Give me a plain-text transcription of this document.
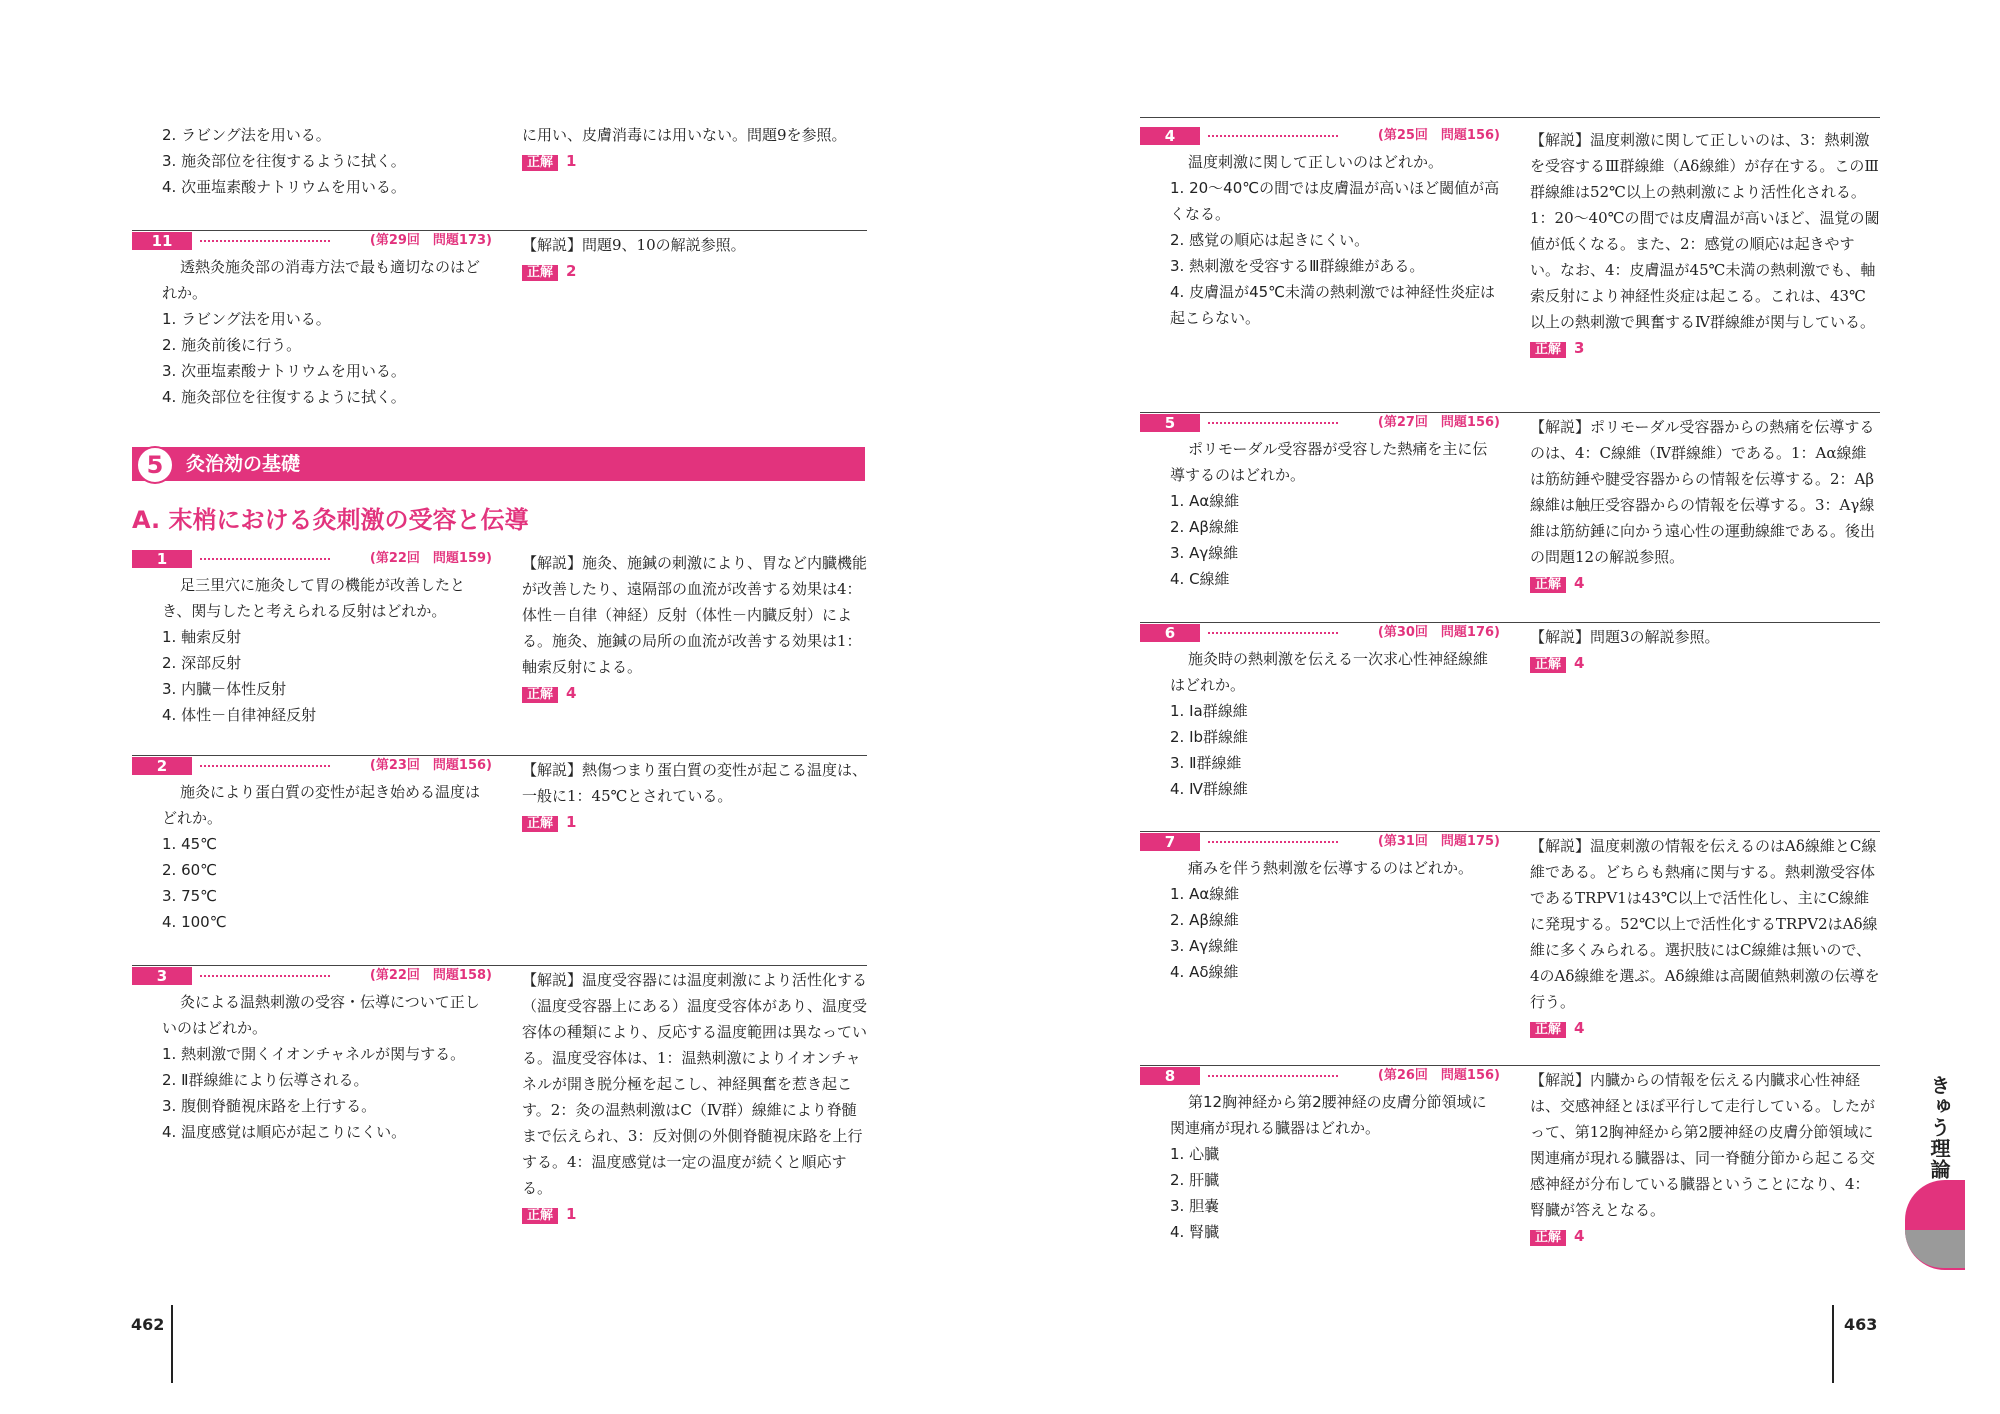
2. ラビング法を用いる。
3. 施灸部位を往復するように拭く。
4. 次亜塩素酸ナトリウムを用いる。
に用い、皮膚消毒には用いない。問題9を参照。
正解 1
11	(第29回　問題173)
透熱灸施灸部の消毒方法で最も適切なのはどれか。
1. ラビング法を用いる。
2. 施灸前後に行う。
3. 次亜塩素酸ナトリウムを用いる。
4. 施灸部位を往復するように拭く。
【解説】問題9、10の解説参照。
正解 2
5	灸治効の基礎
A. 末梢における灸刺激の受容と伝導
1	(第22回　問題159)
足三里穴に施灸して胃の機能が改善したとき、関与したと考えられる反射はどれか。
1. 軸索反射
2. 深部反射
3. 内臓－体性反射
4. 体性－自律神経反射
【解説】施灸、施鍼の刺激により、胃など内臓機能が改善したり、遠隔部の血流が改善する効果は4：体性－自律（神経）反射（体性－内臓反射）による。施灸、施鍼の局所の血流が改善する効果は1：軸索反射による。
正解 4
2	(第23回　問題156)
施灸により蛋白質の変性が起き始める温度はどれか。
1. 45℃
2. 60℃
3. 75℃
4. 100℃
【解説】熱傷つまり蛋白質の変性が起こる温度は、一般に1：45℃とされている。
正解 1
3	(第22回　問題158)
灸による温熱刺激の受容・伝導について正しいのはどれか。
1. 熱刺激で開くイオンチャネルが関与する。
2. Ⅱ群線維により伝導される。
3. 腹側脊髄視床路を上行する。
4. 温度感覚は順応が起こりにくい。
【解説】温度受容器には温度刺激により活性化する（温度受容器上にある）温度受容体があり、温度受容体の種類により、反応する温度範囲は異なっている。温度受容体は、1：温熱刺激によりイオンチャネルが開き脱分極を起こし、神経興奮を惹き起こす。2：灸の温熱刺激はC（Ⅳ群）線維により脊髄まで伝えられ、3：反対側の外側脊髄視床路を上行する。4：温度感覚は一定の温度が続くと順応する。
正解 1
462
4	(第25回　問題156)
温度刺激に関して正しいのはどれか。
1. 20〜40℃の間では皮膚温が高いほど閾値が高くなる。
2. 感覚の順応は起きにくい。
3. 熱刺激を受容するⅢ群線維がある。
4. 皮膚温が45℃未満の熱刺激では神経性炎症は起こらない。
【解説】温度刺激に関して正しいのは、3：熱刺激を受容するⅢ群線維（Aδ線維）が存在する。このⅢ群線維は52℃以上の熱刺激により活性化される。1：20〜40℃の間では皮膚温が高いほど、温覚の閾値が低くなる。また、2：感覚の順応は起きやすい。なお、4：皮膚温が45℃未満の熱刺激でも、軸索反射により神経性炎症は起こる。これは、43℃以上の熱刺激で興奮するⅣ群線維が関与している。
正解 3
5	(第27回　問題156)
ポリモーダル受容器が受容した熱痛を主に伝導するのはどれか。
1. Aα線維
2. Aβ線維
3. Aγ線維
4. C線維
【解説】ポリモーダル受容器からの熱痛を伝導するのは、4：C線維（Ⅳ群線維）である。1：Aα線維は筋紡錘や腱受容器からの情報を伝導する。2：Aβ線維は触圧受容器からの情報を伝導する。3：Aγ線維は筋紡錘に向かう遠心性の運動線維である。後出の問題12の解説参照。
正解 4
6	(第30回　問題176)
施灸時の熱刺激を伝える一次求心性神経線維はどれか。
1. Ⅰa群線維
2. Ⅰb群線維
3. Ⅱ群線維
4. Ⅳ群線維
【解説】問題3の解説参照。
正解 4
7	(第31回　問題175)
痛みを伴う熱刺激を伝導するのはどれか。
1. Aα線維
2. Aβ線維
3. Aγ線維
4. Aδ線維
【解説】温度刺激の情報を伝えるのはAδ線維とC線維である。どちらも熱痛に関与する。熱刺激受容体であるTRPV1は43℃以上で活性化し、主にC線維に発現する。52℃以上で活性化するTRPV2はAδ線維に多くみられる。選択肢にはC線維は無いので、4のAδ線維を選ぶ。Aδ線維は高閾値熱刺激の伝導を行う。
正解 4
8	(第26回　問題156)
第12胸神経から第2腰神経の皮膚分節領域に関連痛が現れる臓器はどれか。
1. 心臓
2. 肝臓
3. 胆嚢
4. 腎臓
【解説】内臓からの情報を伝える内臓求心性神経は、交感神経とほぼ平行して走行している。したがって、第12胸神経から第2腰神経の皮膚分節領域に関連痛が現れる臓器は、同一脊髄分節から起こる交感神経が分布している臓器ということになり、4：腎臓が答えとなる。
正解 4
463
きゅう理論
